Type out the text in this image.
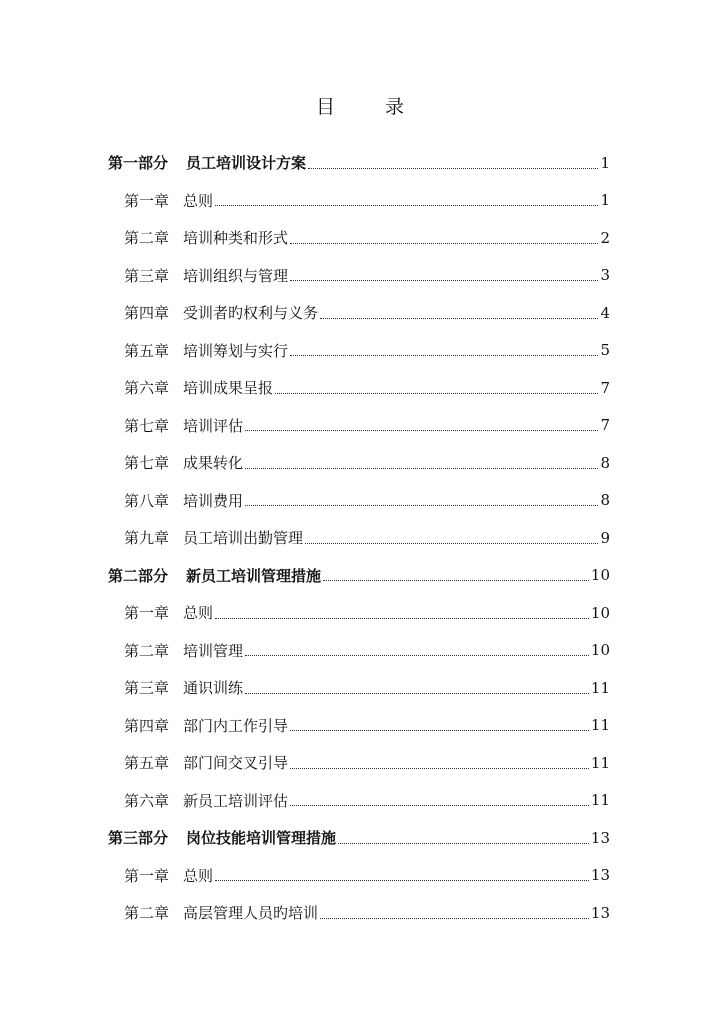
目 录
第一部分 员工培训设计方案	1
第一章 总则	1
第二章 培训种类和形式	2
第三章 培训组织与管理	3
第四章 受训者旳权利与义务	4
第五章 培训筹划与实行	5
第六章 培训成果呈报	7
第七章 培训评估	7
第七章 成果转化	8
第八章 培训费用	8
第九章 员工培训出勤管理	9
第二部分 新员工培训管理措施	10
第一章 总则	10
第二章 培训管理	10
第三章 通识训练	11
第四章 部门内工作引导	11
第五章 部门间交叉引导	11
第六章 新员工培训评估	11
第三部分 岗位技能培训管理措施	13
第一章 总则	13
第二章 高层管理人员旳培训	13
